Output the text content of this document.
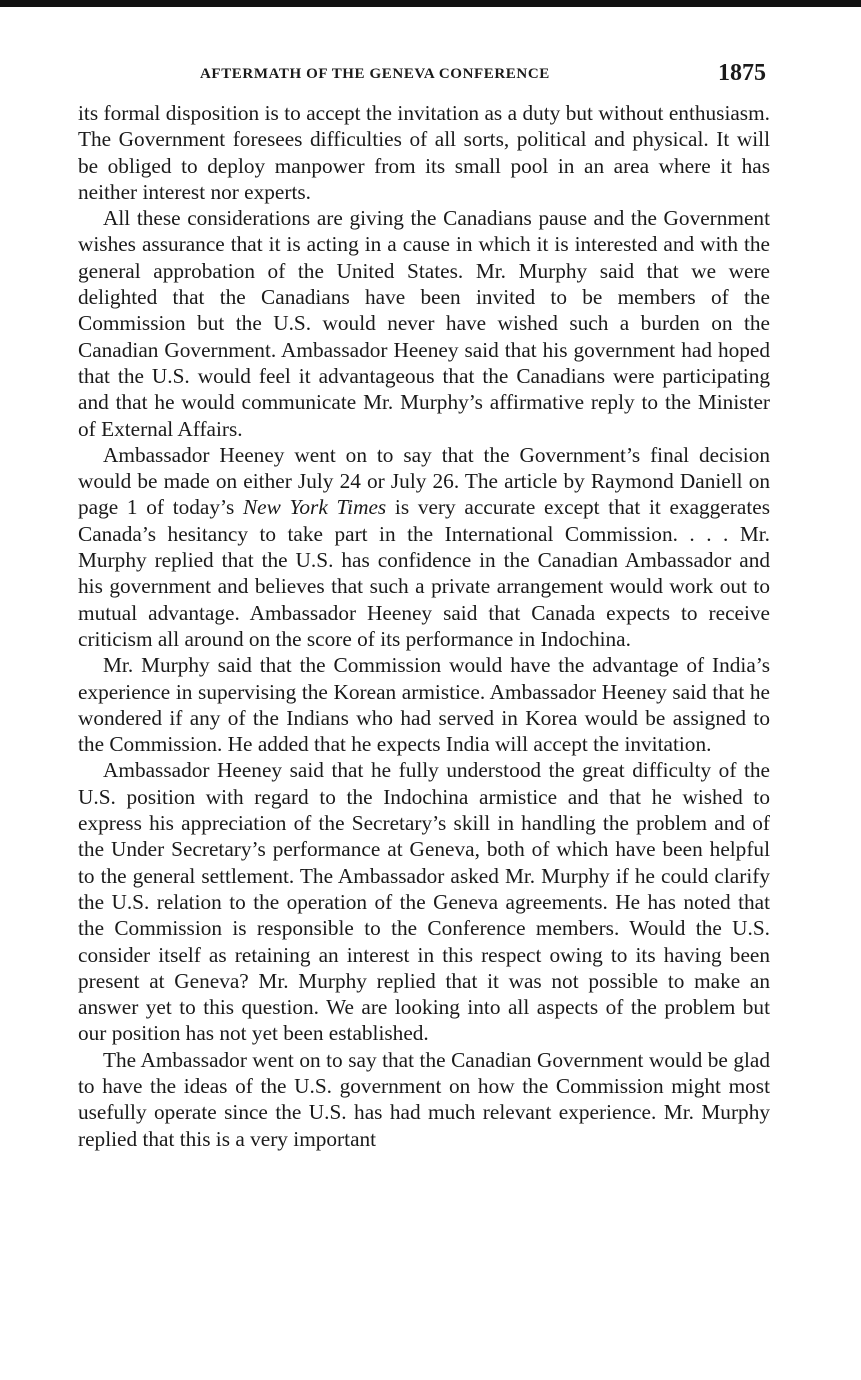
AFTERMATH OF THE GENEVA CONFERENCE	1875

its formal disposition is to accept the invitation as a duty but without enthusiasm. The Government foresees difficulties of all sorts, political and physical. It will be obliged to deploy manpower from its small pool in an area where it has neither interest nor experts.

All these considerations are giving the Canadians pause and the Government wishes assurance that it is acting in a cause in which it is interested and with the general approbation of the United States. Mr. Murphy said that we were delighted that the Canadians have been invited to be members of the Commission but the U.S. would never have wished such a burden on the Canadian Government. Ambassador Heeney said that his government had hoped that the U.S. would feel it advantageous that the Canadians were participating and that he would communicate Mr. Murphy’s affirmative reply to the Minister of External Affairs.

Ambassador Heeney went on to say that the Government’s final decision would be made on either July 24 or July 26. The article by Raymond Daniell on page 1 of today’s New York Times is very accurate except that it exaggerates Canada’s hesitancy to take part in the International Commission. . . . Mr. Murphy replied that the U.S. has confidence in the Canadian Ambassador and his government and believes that such a private arrangement would work out to mutual advantage. Ambassador Heeney said that Canada expects to receive criticism all around on the score of its performance in Indochina.

Mr. Murphy said that the Commission would have the advantage of India’s experience in supervising the Korean armistice. Ambassador Heeney said that he wondered if any of the Indians who had served in Korea would be assigned to the Commission. He added that he expects India will accept the invitation.

Ambassador Heeney said that he fully understood the great difficulty of the U.S. position with regard to the Indochina armistice and that he wished to express his appreciation of the Secretary’s skill in handling the problem and of the Under Secretary’s performance at Geneva, both of which have been helpful to the general settlement. The Ambassador asked Mr. Murphy if he could clarify the U.S. relation to the operation of the Geneva agreements. He has noted that the Commission is responsible to the Conference members. Would the U.S. consider itself as retaining an interest in this respect owing to its having been present at Geneva? Mr. Murphy replied that it was not possible to make an answer yet to this question. We are looking into all aspects of the problem but our position has not yet been established.

The Ambassador went on to say that the Canadian Government would be glad to have the ideas of the U.S. government on how the Commission might most usefully operate since the U.S. has had much relevant experience. Mr. Murphy replied that this is a very important
